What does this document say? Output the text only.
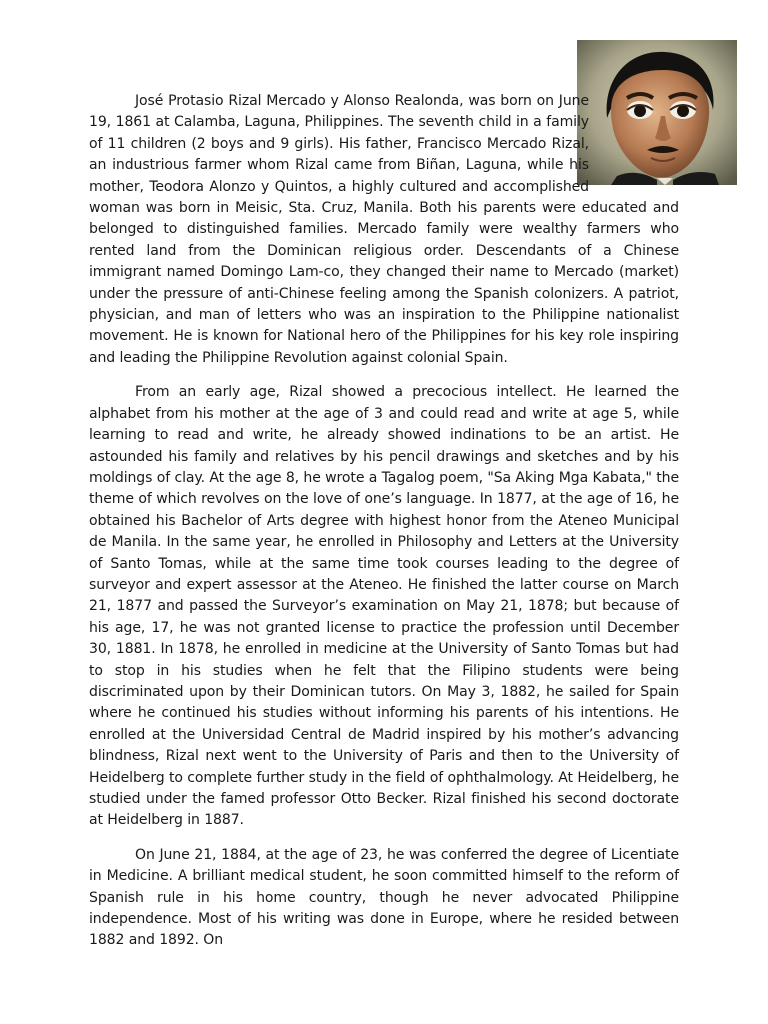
José Protasio Rizal Mercado y Alonso Realonda, was born on June 19, 1861 at Calamba, Laguna, Philippines. The seventh child in a family of 11 children (2 boys and 9 girls). His father, Francisco Mercado Rizal, an industrious farmer whom Rizal came from Biñan, Laguna, while his mother, Teodora Alonzo y Quintos, a highly cultured and accomplished woman was born in Meisic, Sta. Cruz, Manila. Both his parents were educated and belonged to distinguished families. Mercado family were wealthy farmers who rented land from the Dominican religious order. Descendants of a Chinese immigrant named Domingo Lam-co, they changed their name to Mercado (market) under the pressure of anti-Chinese feeling among the Spanish colonizers. A patriot, physician, and man of letters who was an inspiration to the Philippine nationalist movement. He is known for National hero of the Philippines for his key role inspiring and leading the Philippine Revolution against colonial Spain.

From an early age, Rizal showed a precocious intellect. He learned the alphabet from his mother at the age of 3 and could read and write at age 5, while learning to read and write, he already showed indinations to be an artist. He astounded his family and relatives by his pencil drawings and sketches and by his moldings of clay. At the age 8, he wrote a Tagalog poem, "Sa Aking Mga Kabata," the theme of which revolves on the love of one’s language. In 1877, at the age of 16, he obtained his Bachelor of Arts degree with highest honor from the Ateneo Municipal de Manila. In the same year, he enrolled in Philosophy and Letters at the University of Santo Tomas, while at the same time took courses leading to the degree of surveyor and expert assessor at the Ateneo. He finished the latter course on March 21, 1877 and passed the Surveyor’s examination on May 21, 1878; but because of his age, 17, he was not granted license to practice the profession until December 30, 1881. In 1878, he enrolled in medicine at the University of Santo Tomas but had to stop in his studies when he felt that the Filipino students were being discriminated upon by their Dominican tutors. On May 3, 1882, he sailed for Spain where he continued his studies without informing his parents of his intentions. He enrolled at the Universidad Central de Madrid inspired by his mother’s advancing blindness, Rizal next went to the University of Paris and then to the University of Heidelberg to complete further study in the field of ophthalmology. At Heidelberg, he studied under the famed professor Otto Becker. Rizal finished his second doctorate at Heidelberg in 1887.

On June 21, 1884, at the age of 23, he was conferred the degree of Licentiate in Medicine. A brilliant medical student, he soon committed himself to the reform of Spanish rule in his home country, though he never advocated Philippine independence. Most of his writing was done in Europe, where he resided between 1882 and 1892. On
